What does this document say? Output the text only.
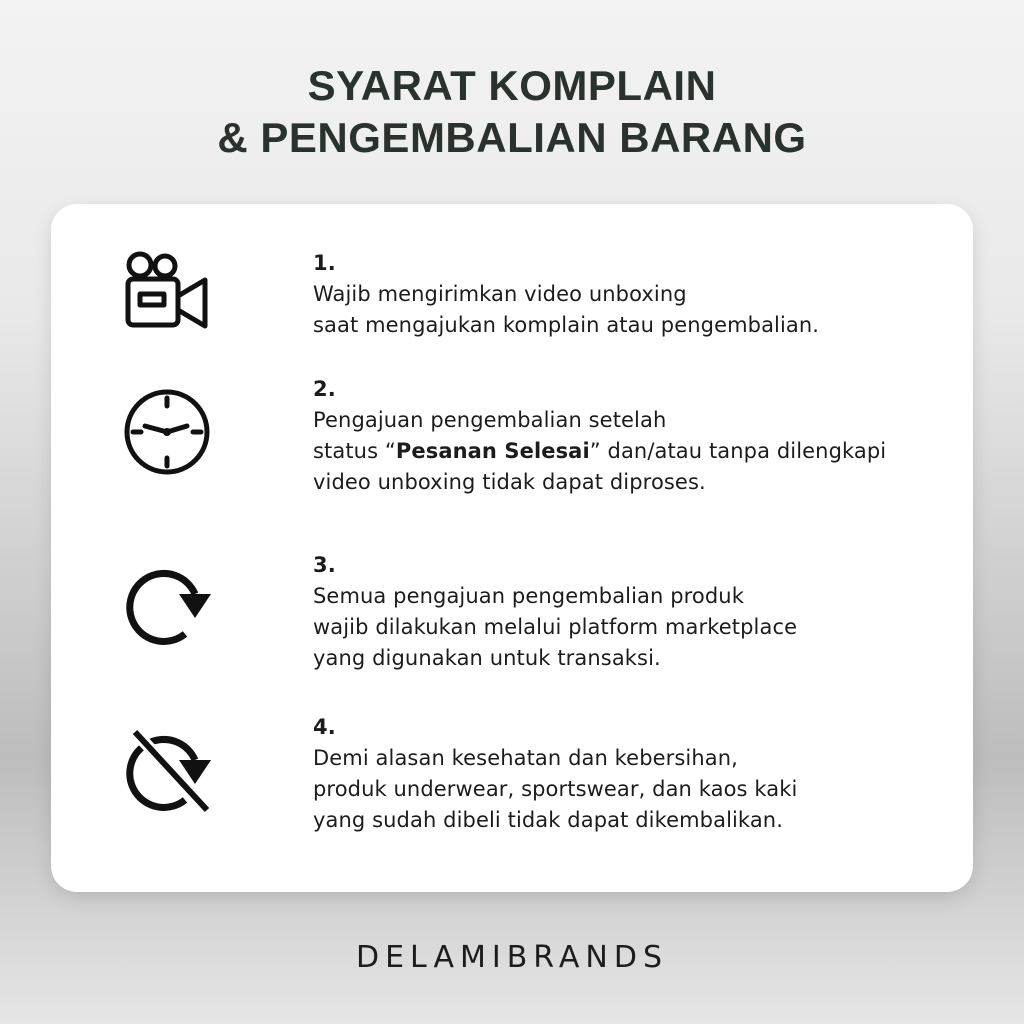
SYARAT KOMPLAIN
& PENGEMBALIAN BARANG
1.
Wajib mengirimkan video unboxing
saat mengajukan komplain atau pengembalian.
2.
Pengajuan pengembalian setelah
status “Pesanan Selesai” dan/atau tanpa dilengkapi
video unboxing tidak dapat diproses.
3.
Semua pengajuan pengembalian produk
wajib dilakukan melalui platform marketplace
yang digunakan untuk transaksi.
4.
Demi alasan kesehatan dan kebersihan,
produk underwear, sportswear, dan kaos kaki
yang sudah dibeli tidak dapat dikembalikan.
DELAMIBRANDS
